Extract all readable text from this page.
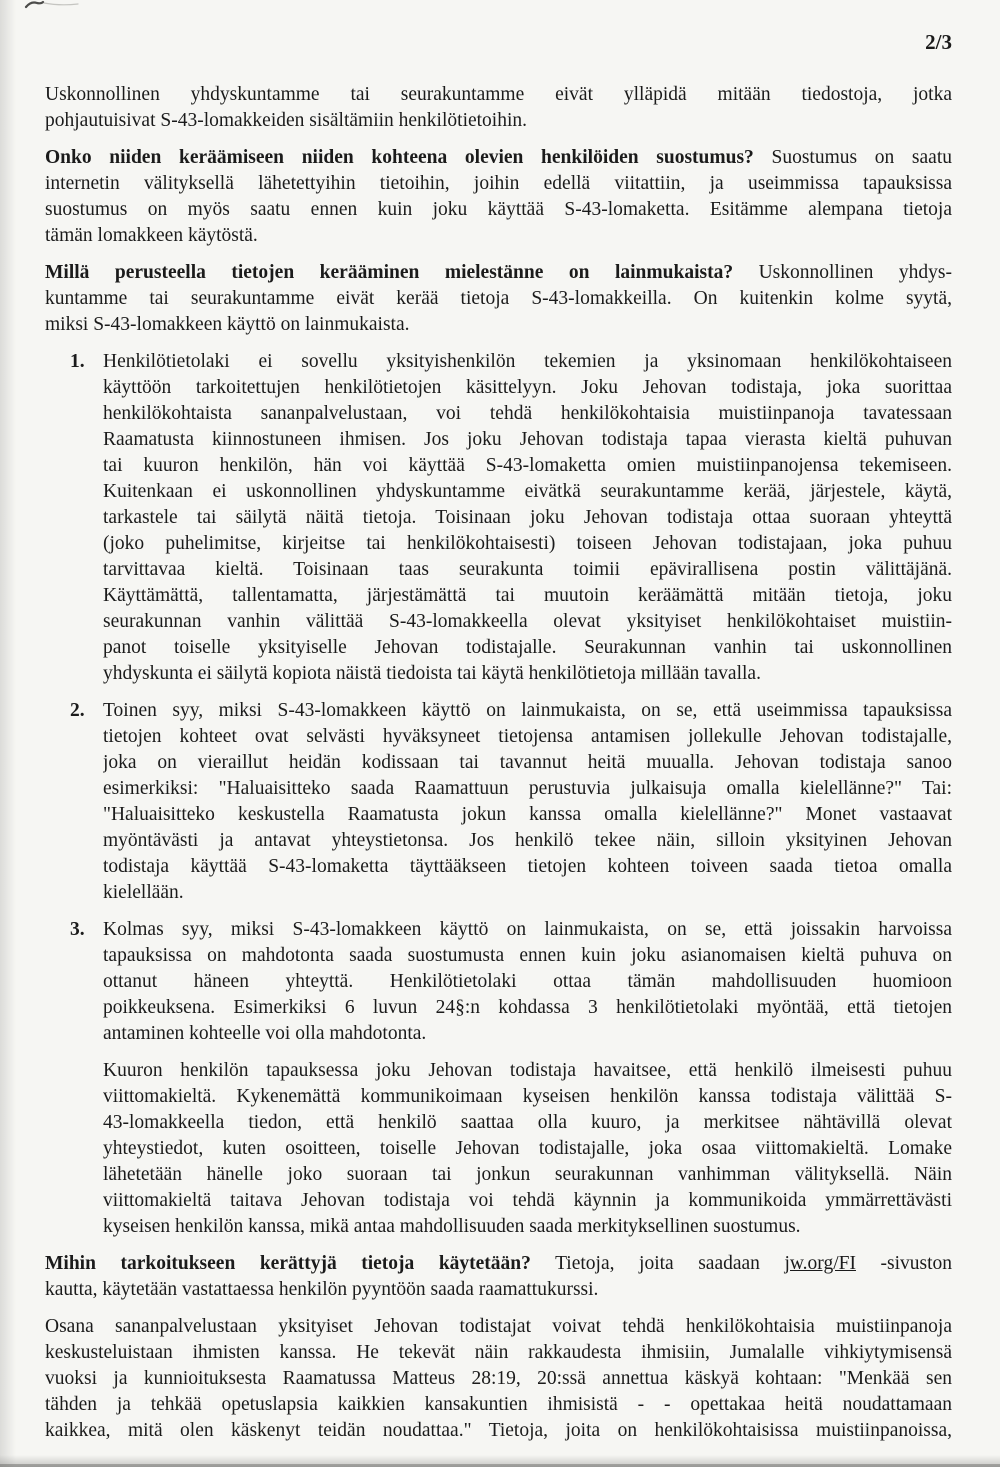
2/3
Uskonnollinen yhdyskuntamme tai seurakuntamme eivät ylläpidä mitään tiedostoja, jotka
pohjautuisivat S-43-lomakkeiden sisältämiin henkilötietoihin.
Onko niiden keräämiseen niiden kohteena olevien henkilöiden suostumus? Suostumus on saatu
internetin välityksellä lähetettyihin tietoihin, joihin edellä viitattiin, ja useimmissa tapauksissa
suostumus on myös saatu ennen kuin joku käyttää S-43-lomaketta. Esitämme alempana tietoja
tämän lomakkeen käytöstä.
Millä perusteella tietojen kerääminen mielestänne on lainmukaista? Uskonnollinen yhdys-
kuntamme tai seurakuntamme eivät kerää tietoja S-43-lomakkeilla. On kuitenkin kolme syytä,
miksi S-43-lomakkeen käyttö on lainmukaista.
1. Henkilötietolaki ei sovellu yksityishenkilön tekemien ja yksinomaan henkilökohtaiseen
käyttöön tarkoitettujen henkilötietojen käsittelyyn. Joku Jehovan todistaja, joka suorittaa
henkilökohtaista sananpalvelustaan, voi tehdä henkilökohtaisia muistiinpanoja tavatessaan
Raamatusta kiinnostuneen ihmisen. Jos joku Jehovan todistaja tapaa vierasta kieltä puhuvan
tai kuuron henkilön, hän voi käyttää S-43-lomaketta omien muistiinpanojensa tekemiseen.
Kuitenkaan ei uskonnollinen yhdyskuntamme eivätkä seurakuntamme kerää, järjestele, käytä,
tarkastele tai säilytä näitä tietoja. Toisinaan joku Jehovan todistaja ottaa suoraan yhteyttä
(joko puhelimitse, kirjeitse tai henkilökohtaisesti) toiseen Jehovan todistajaan, joka puhuu
tarvittavaa kieltä. Toisinaan taas seurakunta toimii epävirallisena postin välittäjänä.
Käyttämättä, tallentamatta, järjestämättä tai muutoin keräämättä mitään tietoja, joku
seurakunnan vanhin välittää S-43-lomakkeella olevat yksityiset henkilökohtaiset muistiin-
panot toiselle yksityiselle Jehovan todistajalle. Seurakunnan vanhin tai uskonnollinen
yhdyskunta ei säilytä kopiota näistä tiedoista tai käytä henkilötietoja millään tavalla.
2. Toinen syy, miksi S-43-lomakkeen käyttö on lainmukaista, on se, että useimmissa tapauksissa
tietojen kohteet ovat selvästi hyväksyneet tietojensa antamisen jollekulle Jehovan todistajalle,
joka on vieraillut heidän kodissaan tai tavannut heitä muualla. Jehovan todistaja sanoo
esimerkiksi: "Haluaisitteko saada Raamattuun perustuvia julkaisuja omalla kielellänne?" Tai:
"Haluaisitteko keskustella Raamatusta jokun kanssa omalla kielellänne?" Monet vastaavat
myöntävästi ja antavat yhteystietonsa. Jos henkilö tekee näin, silloin yksityinen Jehovan
todistaja käyttää S-43-lomaketta täyttääkseen tietojen kohteen toiveen saada tietoa omalla
kielellään.
3. Kolmas syy, miksi S-43-lomakkeen käyttö on lainmukaista, on se, että joissakin harvoissa
tapauksissa on mahdotonta saada suostumusta ennen kuin joku asianomaisen kieltä puhuva on
ottanut häneen yhteyttä. Henkilötietolaki ottaa tämän mahdollisuuden huomioon
poikkeuksena. Esimerkiksi 6 luvun 24§:n kohdassa 3 henkilötietolaki myöntää, että tietojen
antaminen kohteelle voi olla mahdotonta.
Kuuron henkilön tapauksessa joku Jehovan todistaja havaitsee, että henkilö ilmeisesti puhuu
viittomakieltä. Kykenemättä kommunikoimaan kyseisen henkilön kanssa todistaja välittää S-
43-lomakkeella tiedon, että henkilö saattaa olla kuuro, ja merkitsee nähtävillä olevat
yhteystiedot, kuten osoitteen, toiselle Jehovan todistajalle, joka osaa viittomakieltä. Lomake
lähetetään hänelle joko suoraan tai jonkun seurakunnan vanhimman välityksellä. Näin
viittomakieltä taitava Jehovan todistaja voi tehdä käynnin ja kommunikoida ymmärrettävästi
kyseisen henkilön kanssa, mikä antaa mahdollisuuden saada merkityksellinen suostumus.
Mihin tarkoitukseen kerättyjä tietoja käytetään? Tietoja, joita saadaan jw.org/FI -sivuston
kautta, käytetään vastattaessa henkilön pyyntöön saada raamattukurssi.
Osana sananpalvelustaan yksityiset Jehovan todistajat voivat tehdä henkilökohtaisia muistiinpanoja
keskusteluistaan ihmisten kanssa. He tekevät näin rakkaudesta ihmisiin, Jumalalle vihkiytymisensä
vuoksi ja kunnioituksesta Raamatussa Matteus 28:19, 20:ssä annettua käskyä kohtaan: "Menkää sen
tähden ja tehkää opetuslapsia kaikkien kansakuntien ihmisistä - - opettakaa heitä noudattamaan
kaikkea, mitä olen käskenyt teidän noudattaa." Tietoja, joita on henkilökohtaisissa muistiinpanoissa,
